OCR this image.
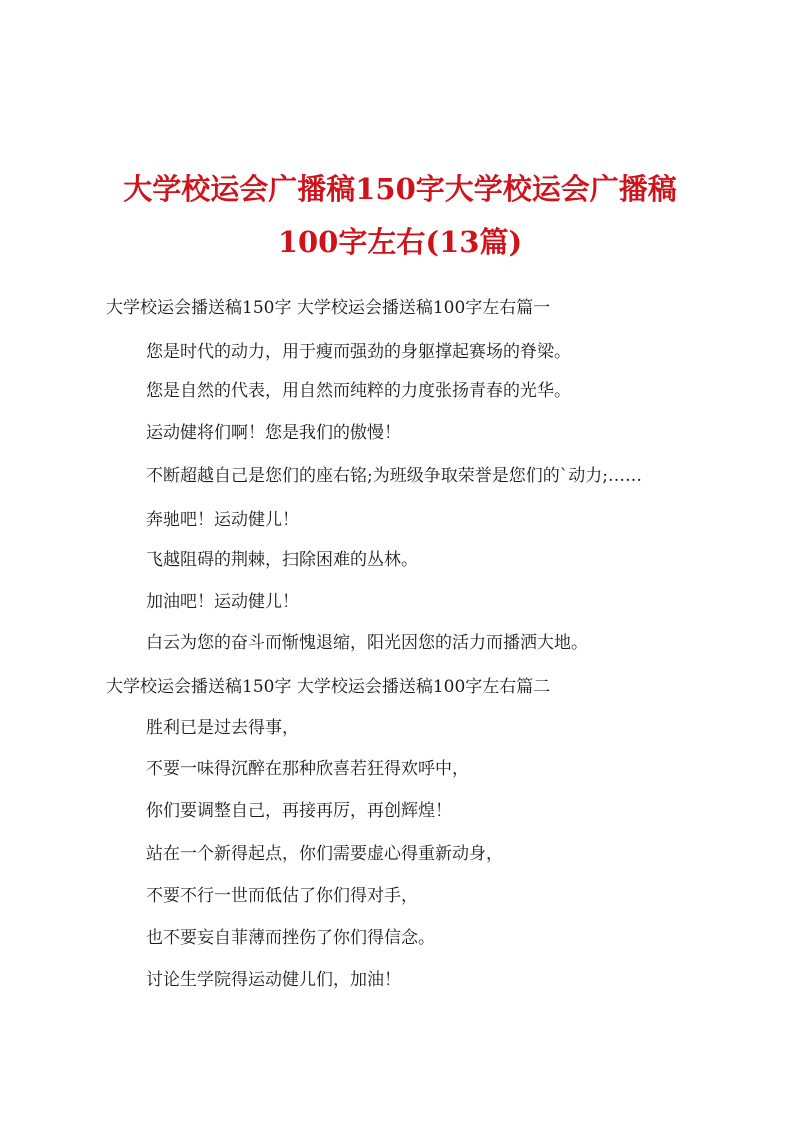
大学校运会广播稿150字大学校运会广播稿
100字左右(13篇)

大学校运会播送稿150字 大学校运会播送稿100字左右篇一

您是时代的动力，用于瘦而强劲的身躯撑起赛场的脊梁。

您是自然的代表，用自然而纯粹的力度张扬青春的光华。

运动健将们啊！您是我们的傲慢！

不断超越自己是您们的座右铭;为班级争取荣誉是您们的`动力;……

奔驰吧！运动健儿！

飞越阻碍的荆棘，扫除困难的丛林。

加油吧！运动健儿！

白云为您的奋斗而惭愧退缩，阳光因您的活力而播洒大地。

大学校运会播送稿150字 大学校运会播送稿100字左右篇二

胜利已是过去得事，

不要一味得沉醉在那种欣喜若狂得欢呼中，

你们要调整自己，再接再厉，再创辉煌！

站在一个新得起点，你们需要虚心得重新动身，

不要不行一世而低估了你们得对手，

也不要妄自菲薄而挫伤了你们得信念。

讨论生学院得运动健儿们，加油！
